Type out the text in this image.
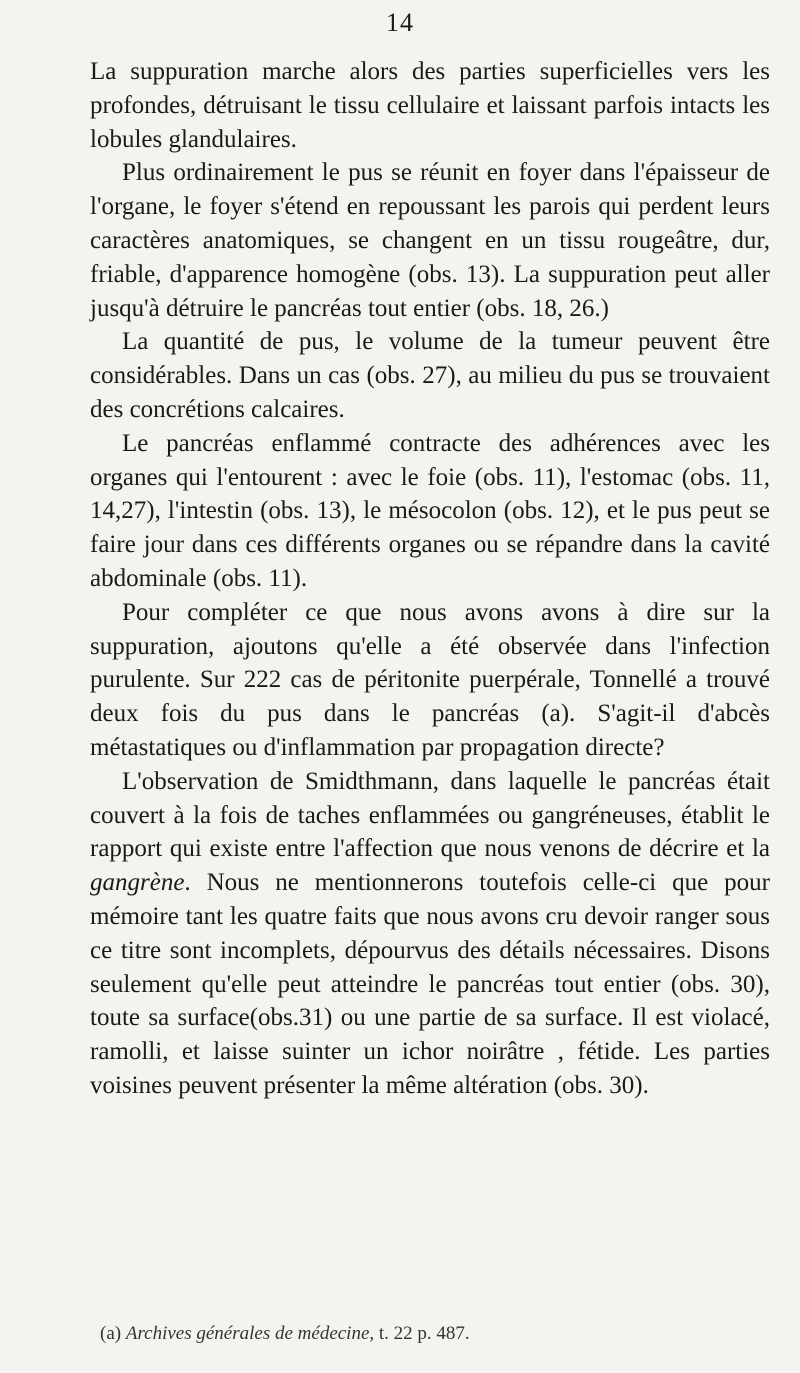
14

La suppuration marche alors des parties superficielles vers les profondes, détruisant le tissu cellulaire et laissant parfois intacts les lobules glandulaires.

Plus ordinairement le pus se réunit en foyer dans l'épaisseur de l'organe, le foyer s'étend en repoussant les parois qui perdent leurs caractères anatomiques, se changent en un tissu rougeâtre, dur, friable, d'apparence homogène (obs. 13). La suppuration peut aller jusqu'à détruire le pancréas tout entier (obs. 18, 26.)

La quantité de pus, le volume de la tumeur peuvent être considérables. Dans un cas (obs. 27), au milieu du pus se trouvaient des concrétions calcaires.

Le pancréas enflammé contracte des adhérences avec les organes qui l'entourent : avec le foie (obs. 11), l'estomac (obs. 11, 14,27), l'intestin (obs. 13), le mésocolon (obs. 12), et le pus peut se faire jour dans ces différents organes ou se répandre dans la cavité abdominale (obs. 11).

Pour compléter ce que nous avons avons à dire sur la suppuration, ajoutons qu'elle a été observée dans l'infection purulente. Sur 222 cas de péritonite puerpérale, Tonnellé a trouvé deux fois du pus dans le pancréas (a). S'agit-il d'abcès métastatiques ou d'inflammation par propagation directe?

L'observation de Smidthmann, dans laquelle le pancréas était couvert à la fois de taches enflammées ou gangréneuses, établit le rapport qui existe entre l'affection que nous venons de décrire et la gangrène. Nous ne mentionnerons toutefois celle-ci que pour mémoire tant les quatre faits que nous avons cru devoir ranger sous ce titre sont incomplets, dépourvus des détails nécessaires. Disons seulement qu'elle peut atteindre le pancréas tout entier (obs. 30), toute sa surface(obs.31) ou une partie de sa surface. Il est violacé, ramolli, et laisse suinter un ichor noirâtre , fétide. Les parties voisines peuvent présenter la même altération (obs. 30).

(a) Archives générales de médecine, t. 22 p. 487.
